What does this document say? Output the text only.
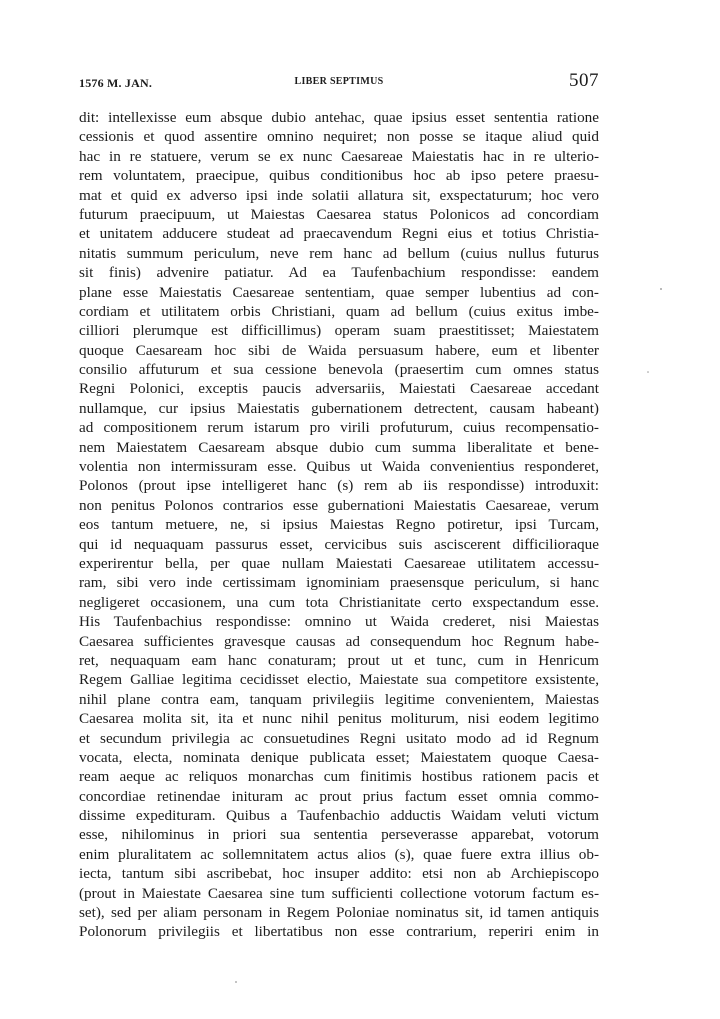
1576 M. JAN.	LIBER SEPTIMUS	507
dit: intellexisse eum absque dubio antehac, quae ipsius esset sententia ratione
cessionis et quod assentire omnino nequiret; non posse se itaque aliud quid
hac in re statuere, verum se ex nunc Caesareae Maiestatis hac in re ulterio-
rem voluntatem, praecipue, quibus conditionibus hoc ab ipso petere praesu-
mat et quid ex adverso ipsi inde solatii allatura sit, exspectaturum; hoc vero
futurum praecipuum, ut Maiestas Caesarea status Polonicos ad concordiam
et unitatem adducere studeat ad praecavendum Regni eius et totius Christia-
nitatis summum periculum, neve rem hanc ad bellum (cuius nullus futurus
sit finis) advenire patiatur. Ad ea Taufenbachium respondisse: eandem
plane esse Maiestatis Caesareae sententiam, quae semper lubentius ad con-
cordiam et utilitatem orbis Christiani, quam ad bellum (cuius exitus imbe-
cilliori plerumque est difficillimus) operam suam praestitisset; Maiestatem
quoque Caesaream hoc sibi de Waida persuasum habere, eum et libenter
consilio affuturum et sua cessione benevola (praesertim cum omnes status
Regni Polonici, exceptis paucis adversariis, Maiestati Caesareae accedant
nullamque, cur ipsius Maiestatis gubernationem detrectent, causam habeant)
ad compositionem rerum istarum pro virili profuturum, cuius recompensatio-
nem Maiestatem Caesaream absque dubio cum summa liberalitate et bene-
volentia non intermissuram esse. Quibus ut Waida convenientius responderet,
Polonos (prout ipse intelligeret hanc (s) rem ab iis respondisse) introduxit:
non penitus Polonos contrarios esse gubernationi Maiestatis Caesareae, verum
eos tantum metuere, ne, si ipsius Maiestas Regno potiretur, ipsi Turcam,
qui id nequaquam passurus esset, cervicibus suis asciscerent difficilioraque
experirentur bella, per quae nullam Maiestati Caesareae utilitatem accessu-
ram, sibi vero inde certissimam ignominiam praesensque periculum, si hanc
negligeret occasionem, una cum tota Christianitate certo exspectandum esse.
His Taufenbachius respondisse: omnino ut Waida crederet, nisi Maiestas
Caesarea sufficientes gravesque causas ad consequendum hoc Regnum habe-
ret, nequaquam eam hanc conaturam; prout ut et tunc, cum in Henricum
Regem Galliae legitima cecidisset electio, Maiestate sua competitore exsistente,
nihil plane contra eam, tanquam privilegiis legitime convenientem, Maiestas
Caesarea molita sit, ita et nunc nihil penitus moliturum, nisi eodem legitimo
et secundum privilegia ac consuetudines Regni usitato modo ad id Regnum
vocata, electa, nominata denique publicata esset; Maiestatem quoque Caesa-
ream aeque ac reliquos monarchas cum finitimis hostibus rationem pacis et
concordiae retinendae inituram ac prout prius factum esset omnia commo-
dissime expedituram. Quibus a Taufenbachio adductis Waidam veluti victum
esse, nihilominus in priori sua sententia perseverasse apparebat, votorum
enim pluralitatem ac sollemnitatem actus alios (s), quae fuere extra illius ob-
iecta, tantum sibi ascribebat, hoc insuper addito: etsi non ab Archiepiscopo
(prout in Maiestate Caesarea sine tum sufficienti collectione votorum factum es-
set), sed per aliam personam in Regem Poloniae nominatus sit, id tamen antiquis
Polonorum privilegiis et libertatibus non esse contrarium, reperiri enim in
